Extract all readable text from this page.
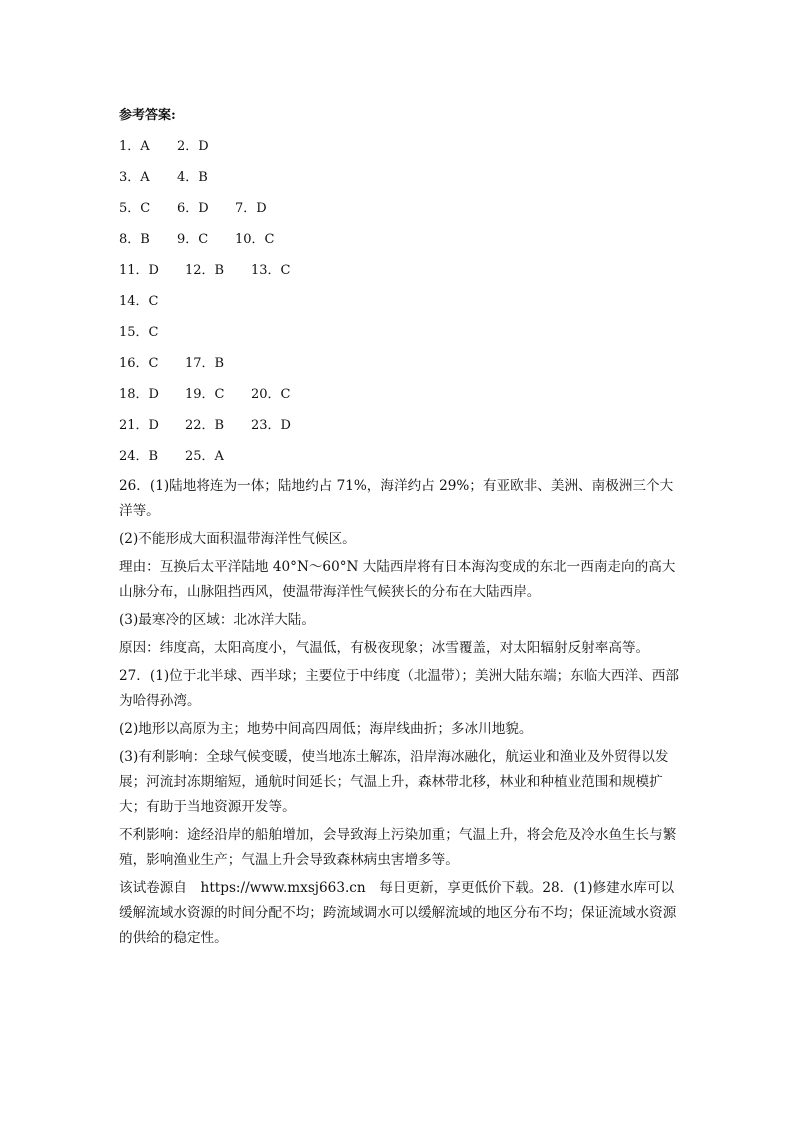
参考答案:
1．A 2．D
3．A 4．B
5．C 6．D 7．D
8．B 9．C 10．C
11．D 12．B 13．C
14．C
15．C
16．C 17．B
18．D 19．C 20．C
21．D 22．B 23．D
24．B 25．A
26．(1)陆地将连为一体；陆地约占 71%，海洋约占 29%；有亚欧非、美洲、南极洲三个大洋等。
(2)不能形成大面积温带海洋性气候区。
理由：互换后太平洋陆地 40°N～60°N 大陆西岸将有日本海沟变成的东北一西南走向的高大山脉分布，山脉阻挡西风，使温带海洋性气候狭长的分布在大陆西岸。
(3)最寒冷的区域：北冰洋大陆。
原因：纬度高，太阳高度小，气温低，有极夜现象；冰雪覆盖，对太阳辐射反射率高等。
27．(1)位于北半球、西半球；主要位于中纬度（北温带）；美洲大陆东端；东临大西洋、西部为哈得孙湾。
(2)地形以高原为主；地势中间高四周低；海岸线曲折；多冰川地貌。
(3)有利影响：全球气候变暖，使当地冻土解冻，沿岸海冰融化，航运业和渔业及外贸得以发展；河流封冻期缩短，通航时间延长；气温上升，森林带北移，林业和种植业范围和规模扩大；有助于当地资源开发等。
不利影响：途经沿岸的船舶增加，会导致海上污染加重；气温上升，将会危及冷水鱼生长与繁殖，影响渔业生产；气温上升会导致森林病虫害增多等。
该试卷源自　https://www.mxsj663.cn　每日更新，享更低价下载。28．(1)修建水库可以缓解流域水资源的时间分配不均；跨流域调水可以缓解流域的地区分布不均；保证流域水资源的供给的稳定性。
